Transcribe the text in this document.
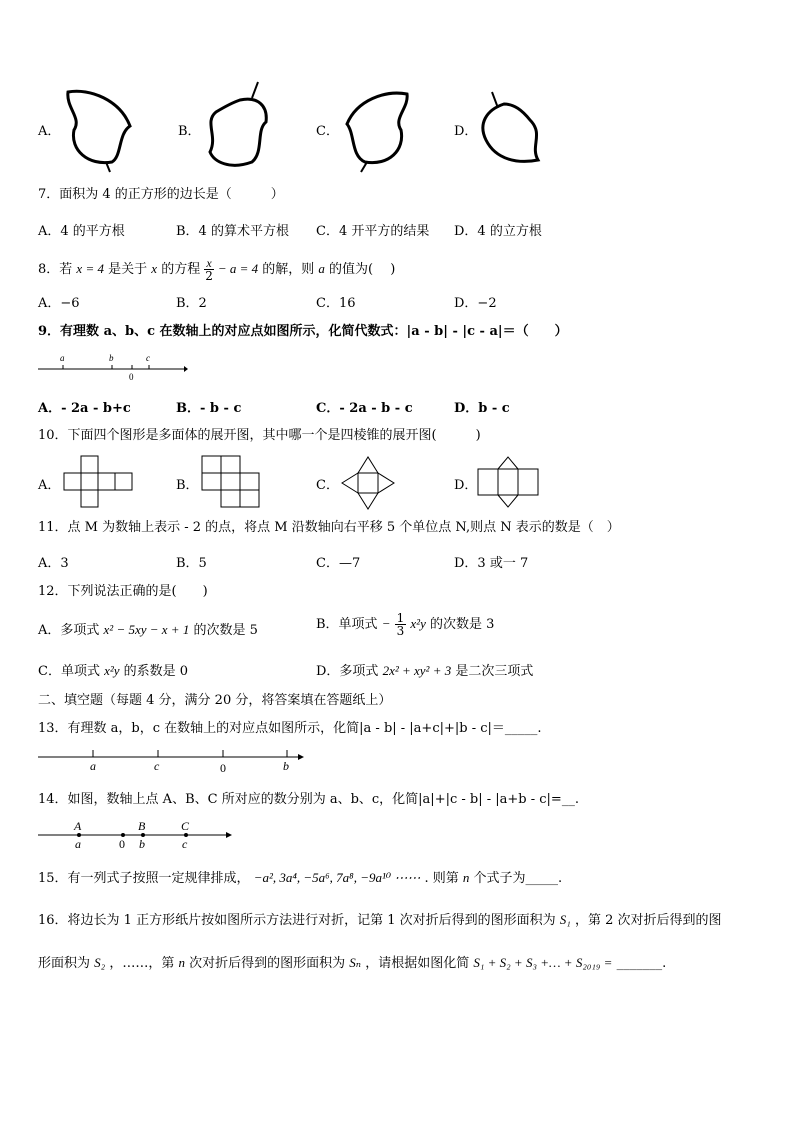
A．	B．	C．	D．
7．面积为 4 的正方形的边长是（　　　）
A．4 的平方根	B．4 的算术平方根 C．4 开平方的结果 D．4 的立方根
8．若 x = 4 是关于 x 的方程 $\frac{x}{2} - a = 4$ 的解，则 a 的值为(　 )
A．−6	B．2	C．16	D．−2
9．有理数 a、b、c 在数轴上的对应点如图所示，化简代数式：|a - b| - |c - a|＝（　　）
a	b	c
0
A．- 2a - b+c	B．- b - c	C．- 2a - b - c	D．b - c
10．下面四个图形是多面体的展开图，其中哪一个是四棱锥的展开图(　　　)
A．	B．	C．	D．
11．点 M 为数轴上表示 - 2 的点，将点 M 沿数轴向右平移 5 个单位点 N,则点 N 表示的数是（　）
A．3	B．5	C．—7	D．3 或一 7
12．下列说法正确的是(　　)
A．多项式 x² − 5xy − x + 1 的次数是 5	B．单项式 − $\frac{1}{3} x^2y$ 的次数是 3
C．单项式 x²y 的系数是 0	D．多项式 2x² + xy² + 3 是二次三项式
二、填空题（每题 4 分，满分 20 分，将答案填在答题纸上）
13．有理数 a，b，c 在数轴上的对应点如图所示，化简|a - b| - |a+c|+|b - c|＝_____.
a	c	0	b
14．如图，数轴上点 A、B、C 所对应的数分别为 a、b、c，化简|a|+|c - b| - |a+b - c|=__.
A
a	0
B
b
C
c
15．有一列式子按照一定规律排成， −a², 3a⁴, −5a⁶, 7a⁸, −9a¹⁰ ⋯⋯ . 则第 n 个式子为_____.
16．将边长为 1 正方形纸片按如图所示方法进行对折，记第 1 次对折后得到的图形面积为 S₁ ，第 2 次对折后得到的图
形面积为 S₂ ，……，第 n 次对折后得到的图形面积为 Sₙ ，请根据如图化简 S₁ + S₂ + S₃ +… + S₂₀₁₉ = _______.
